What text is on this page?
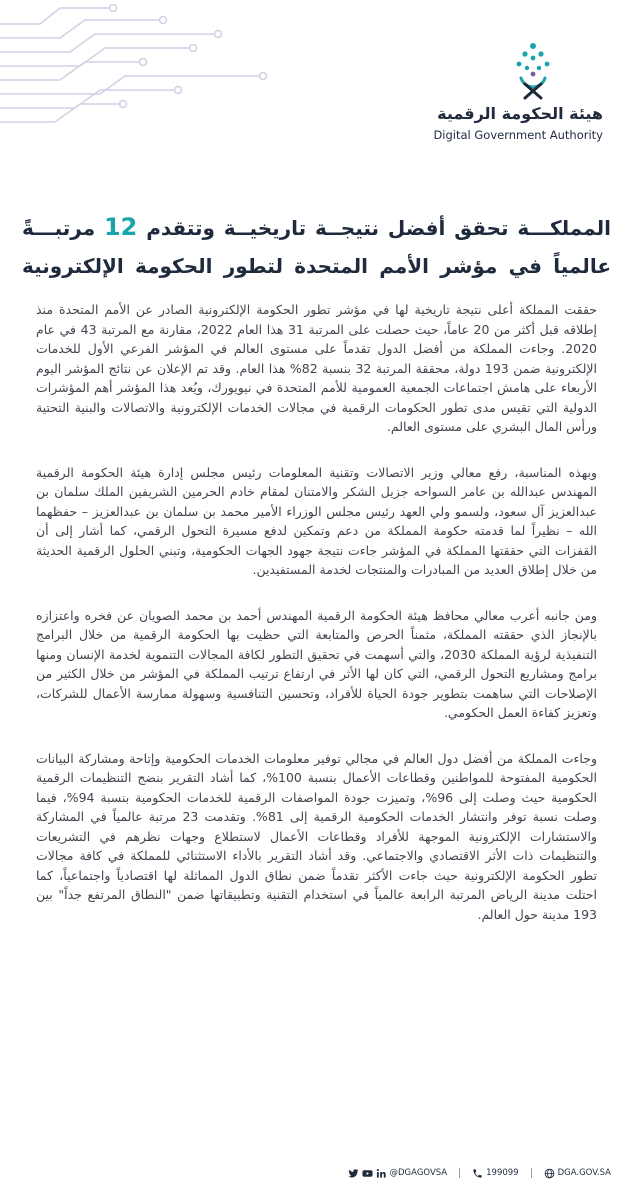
هيئة الحكومة الرقمية
Digital Government Authority
المملكـــة تحقق أفضل نتيجــة تاريخيــة وتتقدم 12 مرتبـــةً عالمياً في مؤشر الأمم المتحدة لتطور الحكومة الإلكترونية

حققت المملكة أعلى نتيجة تاريخية لها في مؤشر تطور الحكومة الإلكترونية الصادر عن الأمم المتحدة منذ إطلاقه قبل أكثر من 20 عاماً، حيث حصلت على المرتبة 31 هذا العام 2022، مقارنة مع المرتبة 43 في عام 2020. وجاءت المملكة من أفضل الدول تقدماً على مستوى العالم في المؤشر الفرعي الأول للخدمات الإلكترونية ضمن 193 دولة، محققة المرتبة 32 بنسبة 82% هذا العام. وقد تم الإعلان عن نتائج المؤشر اليوم الأربعاء على هامش اجتماعات الجمعية العمومية للأمم المتحدة في نيويورك، ويُعد هذا المؤشر أهم المؤشرات الدولية التي تقيس مدى تطور الحكومات الرقمية في مجالات الخدمات الإلكترونية والاتصالات والبنية التحتية ورأس المال البشري على مستوى العالم.

وبهذه المناسبة، رفع معالي وزير الاتصالات وتقنية المعلومات رئيس مجلس إدارة هيئة الحكومة الرقمية المهندس عبدالله بن عامر السواحه جزيل الشكر والامتنان لمقام خادم الحرمين الشريفين الملك سلمان بن عبدالعزيز آل سعود، ولسمو ولي العهد رئيس مجلس الوزراء الأمير محمد بن سلمان بن عبدالعزيز – حفظهما الله – نظيراً لما قدمته حكومة المملكة من دعم وتمكين لدفع مسيرة التحول الرقمي، كما أشار إلى أن القفزات التي حققتها المملكة في المؤشر جاءت نتيجة جهود الجهات الحكومية، وتبني الحلول الرقمية الحديثة من خلال إطلاق العديد من المبادرات والمنتجات لخدمة المستفيدين.

ومن جانبه أعرب معالي محافظ هيئة الحكومة الرقمية المهندس أحمد بن محمد الصويان عن فخره واعتزازه بالإنجاز الذي حققته المملكة، مثمناً الحرص والمتابعة التي حظيت بها الحكومة الرقمية من خلال البرامج التنفيذية لرؤية المملكة 2030، والتي أسهمت في تحقيق التطور لكافة المجالات التنموية لخدمة الإنسان ومنها برامج ومشاريع التحول الرقمي، التي كان لها الأثر في ارتفاع ترتيب المملكة في المؤشر من خلال الكثير من الإصلاحات التي ساهمت بتطوير جودة الحياة للأفراد، وتحسين التنافسية وسهولة ممارسة الأعمال للشركات، وتعزيز كفاءة العمل الحكومي.

وجاءت المملكة من أفضل دول العالم في مجالي توفير معلومات الخدمات الحكومية وإتاحة ومشاركة البيانات الحكومية المفتوحة للمواطنين وقطاعات الأعمال بنسبة 100%، كما أشاد التقرير بنضج التنظيمات الرقمية الحكومية حيث وصلت إلى 96%، وتميزت جودة المواصفات الرقمية للخدمات الحكومية بنسبة 94%، فيما وصلت نسبة توفر وانتشار الخدمات الحكومية الرقمية إلى 81%. وتقدمت 23 مرتبة عالمياً في المشاركة والاستشارات الإلكترونية الموجهة للأفراد وقطاعات الأعمال لاستطلاع وجهات نظرهم في التشريعات والتنظيمات ذات الأثر الاقتصادي والاجتماعي. وقد أشاد التقرير بالأداء الاستثنائي للمملكة في كافة مجالات تطور الحكومة الإلكترونية حيث جاءت الأكثر تقدماً ضمن نطاق الدول المماثلة لها اقتصادياً واجتماعياً، كما احتلت مدينة الرياض المرتبة الرابعة عالمياً في استخدام التقنية وتطبيقاتها ضمن "النطاق المرتفع جداً" بين 193 مدينة حول العالم.

@DGAGOVSA	199099	DGA.GOV.SA
